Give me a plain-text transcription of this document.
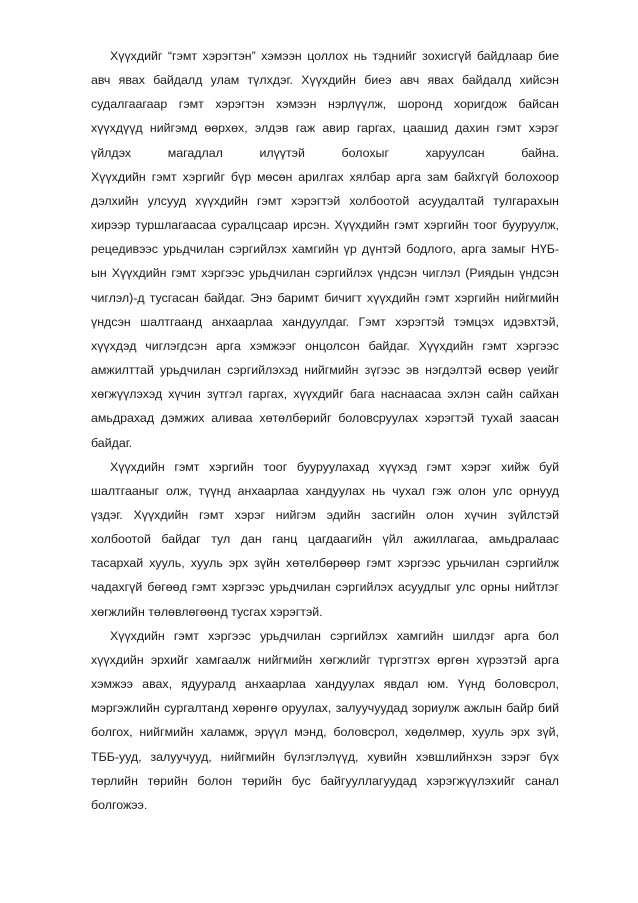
Хүүхдийг “гэмт хэрэгтэн” хэмээн цоллох нь тэднийг зохисгүй байдлаар бие

авч явах байдалд улам түлхдэг. Хүүхдийн биеэ авч явах байдалд хийсэн

судалгаагаар гэмт хэрэгтэн хэмээн нэрлүүлж, шоронд хоригдож байсан

хүүхдүүд нийгэмд өөрхөх, элдэв гаж авир гаргах, цаашид дахин гэмт хэрэг

үйлдэх магадлал илүүтэй болохыг харуулсан байна.

Хүүхдийн гэмт хэргийг бүр мөсөн арилгах хялбар арга зам байхгүй болохоор

дэлхийн улсууд хүүхдийн гэмт хэрэгтэй холбоотой асуудалтай тулгарахын

хирээр туршлагаасаа суралцсаар ирсэн. Хүүхдийн гэмт хэргийн тоог бууруулж,

рецедивээс урьдчилан сэргийлэх хамгийн үр дүнтэй бодлого, арга замыг НҮБ-

ын Хүүхдийн гэмт хэргээс урьдчилан сэргийлэх үндсэн чиглэл (Риядын үндсэн

чиглэл)-д тусгасан байдаг. Энэ баримт бичигт хүүхдийн гэмт хэргийн нийгмийн

үндсэн шалтгаанд анхаарлаа хандуулдаг. Гэмт хэрэгтэй тэмцэх идэвхтэй,

хүүхдэд чиглэгдсэн арга хэмжээг онцолсон байдаг. Хүүхдийн гэмт хэргээс

амжилттай урьдчилан сэргийлэхэд нийгмийн зүгээс эв нэгдэлтэй өсвөр үеийг

хөгжүүлэхэд хүчин зүтгэл гаргах, хүүхдийг бага наснаасаа эхлэн сайн сайхан

амьдрахад дэмжих аливаа хөтөлбөрийг боловсруулах хэрэгтэй тухай заасан

байдаг.

Хүүхдийн гэмт хэргийн тоог бууруулахад хүүхэд гэмт хэрэг хийж буй

шалтгааныг олж, түүнд анхаарлаа хандуулах нь чухал гэж олон улс орнууд

үздэг. Хүүхдийн гэмт хэрэг нийгэм эдийн засгийн олон хүчин зүйлстэй

холбоотой байдаг тул дан ганц цагдаагийн үйл ажиллагаа, амьдралаас

тасархай хууль, хууль эрх зүйн хөтөлбөрөөр гэмт хэргээс урьчилан сэргийлж

чадахгүй бөгөөд гэмт хэргээс урьдчилан сэргийлэх асуудлыг улс орны нийтлэг

хөгжлийн төлөвлөгөөнд тусгах хэрэгтэй.

Хүүхдийн гэмт хэргээс урьдчилан сэргийлэх хамгийн шилдэг арга бол

хүүхдийн эрхийг хамгаалж нийгмийн хөгжлийг түргэтгэх өргөн хүрээтэй арга

хэмжээ авах, ядууралд анхаарлаа хандуулах явдал юм. Үүнд боловсрол,

мэргэжлийн сургалтанд хөрөнгө оруулах, залуучуудад зориулж ажлын байр бий

болгох, нийгмийн халамж, эрүүл мэнд, боловсрол, хөдөлмөр, хууль эрх зүй,

ТББ-ууд, залуучууд, нийгмийн бүлэглэлүүд, хувийн хэвшлийнхэн зэрэг бүх

төрлийн төрийн болон төрийн бус байгууллагуудад хэрэгжүүлэхийг санал

болгожээ.
